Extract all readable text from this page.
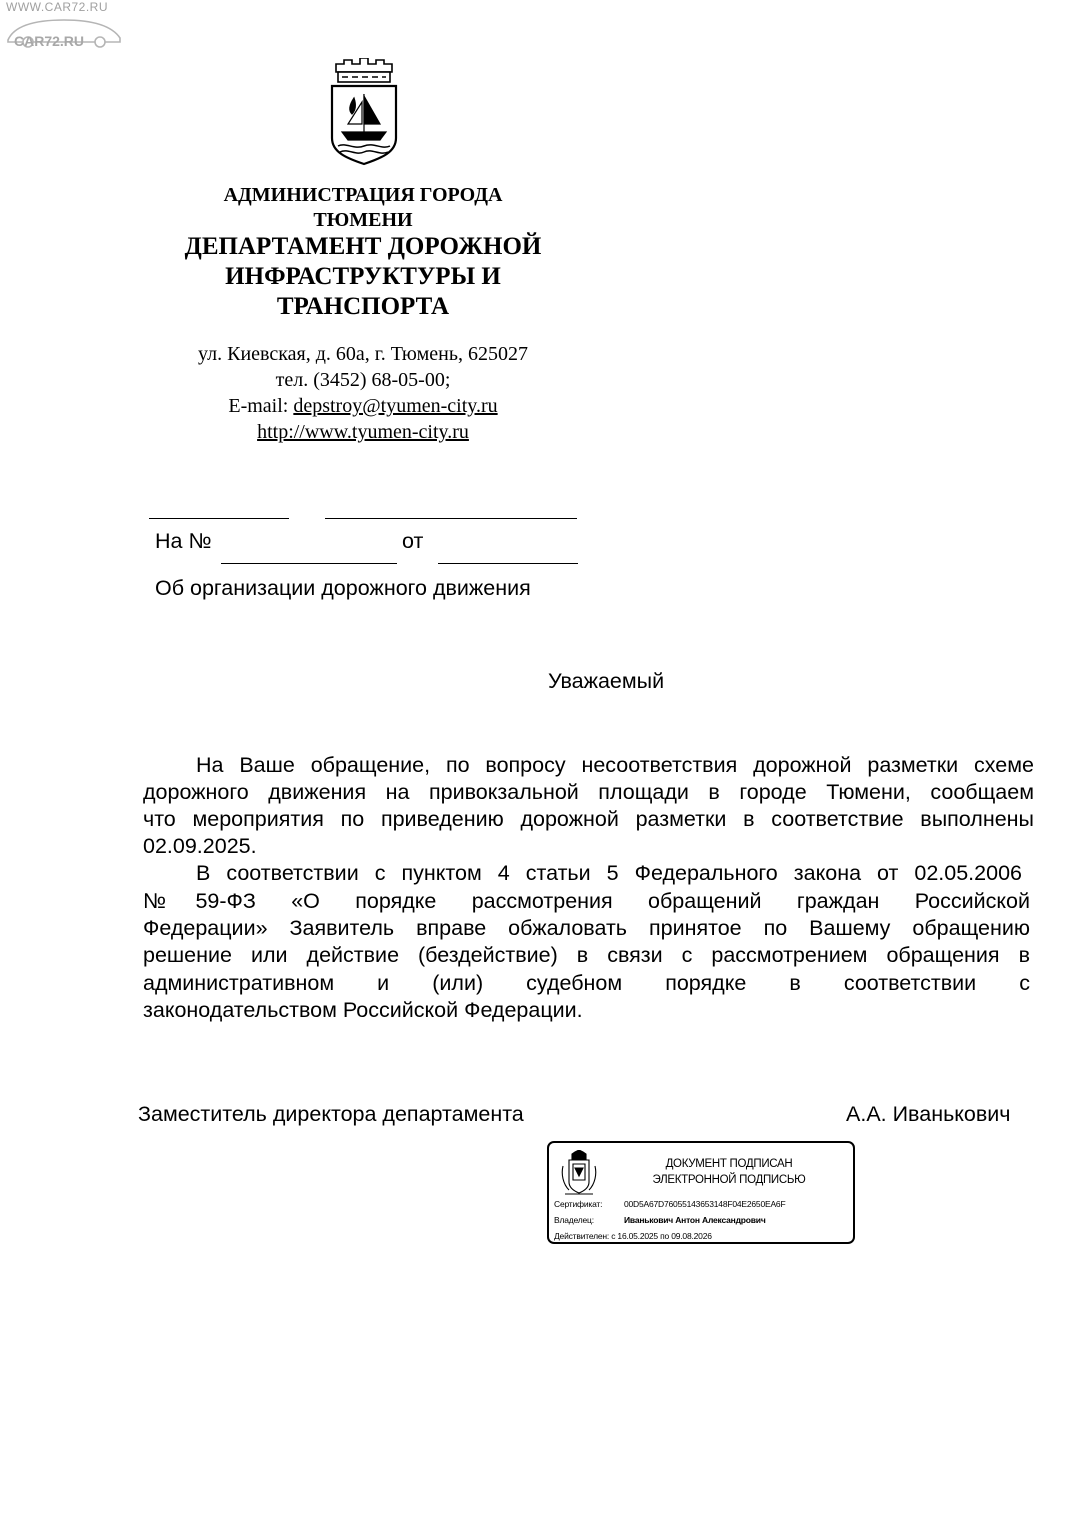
WWW.CAR72.RU
CAR72.RU
АДМИНИСТРАЦИЯ ГОРОДА
ТЮМЕНИ
ДЕПАРТАМЕНТ ДОРОЖНОЙ
ИНФРАСТРУКТУРЫ И
ТРАНСПОРТА
ул. Киевская, д. 60а, г. Тюмень, 625027
тел. (3452) 68-05-00;
E-mail: depstroy@tyumen-city.ru
http://www.tyumen-city.ru
На №	от
Об организации дорожного движения
Уважаемый
На Ваше обращение, по вопросу несоответствия дорожной разметки схеме
дорожного движения на привокзальной площади в городе Тюмени, сообщаем
что мероприятия по приведению дорожной разметки в соответствие выполнены
02.09.2025.
В соответствии с пунктом 4 статьи 5 Федерального закона от 02.05.2006
№59-ФЗ «О порядке рассмотрения обращений граждан Российской
Федерации» Заявитель вправе обжаловать принятое по Вашему обращению
решение или действие (бездействие) в связи с рассмотрением обращения в
административном и (или) судебном порядке в соответствии с
законодательством Российской Федерации.
Заместитель директора департамента	А.А. Иванькович
ДОКУМЕНТ ПОДПИСАН
ЭЛЕКТРОННОЙ ПОДПИСЬЮ
Сертификат:	00D5A67D76055143653148F04E2650EA6F
Владелец:	Иванькович Антон Александрович
Действителен: с 16.05.2025 по 09.08.2026
